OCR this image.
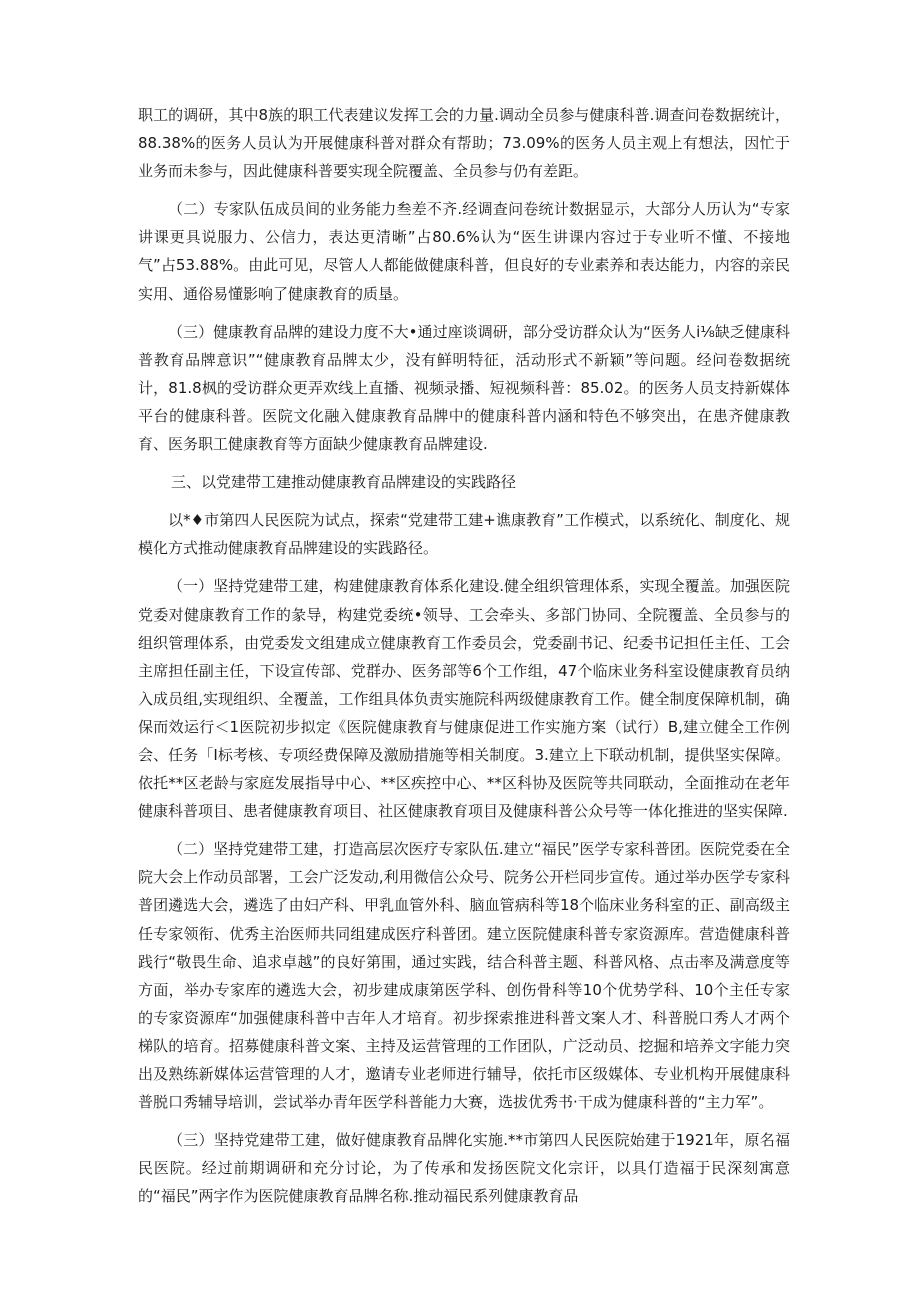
职工的调研，其中8族的职工代表建议发挥工会的力量.调动全员参与健康科普.调查问卷数据统计，88.38%的医务人员认为开展健康科普对群众有帮助；73.09%的医务人员主观上有想法，因忙于业务而未参与，因此健康科普要实现全院覆盖、全员参与仍有差距。

（二）专家队伍成员间的业务能力叁差不齐.经调查问卷统计数据显示，大部分人历认为“专家讲课更具说服力、公信力，表达更清晰”占80.6%认为“医生讲课内容过于专业听不懂、不接地气”占53.88%。由此可见，尽管人人都能做健康科普，但良好的专业素养和表达能力，内容的亲民实用、通俗易懂影响了健康教育的质垦。

（三）健康教育品牌的建设力度不大•通过座谈调研，部分受访群众认为“医务人i⅛缺乏健康科普教育品牌意识”“健康教育品牌太少，没有鲜明特征，活动形式不新颖”等问题。经问卷数据统计，81.8枫的受访群众更弄欢线上直播、视频录播、短视频科普：85.02。的医务人员支持新媒体平台的健康科普。医院文化融入健康教育品牌中的健康科普内涵和特色不够突出，在患齐健康教育、医务职工健康教育等方面缺少健康教育品牌建设.

三、以党建带工建推动健康教育品牌建设的实践路径

以*♦市第四人民医院为试点，探索“党建带工建+谯康教育”工作模式，以系统化、制度化、规模化方式推动健康教育品牌建设的实践路径。

（一）坚持党建带工建，构建健康教育体系化建设.健全组织管理体系，实现全覆盖。加强医院党委对健康教育工作的彖导，构建党委统•领导、工会牵头、多部门协同、全院覆盖、全员参与的组织管理体系，由党委发文组建成立健康教育工作委员会，党委副书记、纪委书记担任主任、工会主席担任副主任，下设宣传部、党群办、医务部等6个工作组，47个临床业务科室设健康教育员纳入成员组,实现组织、全覆盖，工作组具体负责实施院科两级健康教育工作。健全制度保障机制，确保而效运行＜1医院初步拟定《医院健康教育与健康促进工作实施方案（试行）B,建立健全工作例会、任务「I标考核、专项经费保障及激励措施等相关制度。3.建立上下联动机制，提供坚实保障。依托**区老龄与家庭发展指导中心、**区疾控中心、**区科协及医院等共同联动，全面推动在老年健康科普项目、患者健康教育项目、社区健康教育项目及健康科普公众号等一体化推进的坚实保障.

（二）坚持党建带工建，打造高层次医疗专家队伍.建立“福民”医学专家科普团。医院党委在全院大会上作动员部署，工会广泛发动,利用微信公众号、院务公开栏同步宣传。通过举办医学专家科普团遴选大会，遴选了由妇产科、甲乳血管外科、脑血管病科等18个临床业务科室的正、副高级主任专家领衔、优秀主治医师共同组建成医疗科普团。建立医院健康科普专家资源库。营造健康科普践行“敬畏生命、追求卓越”的良好第围，通过实践，结合科普主题、科普风格、点击率及满意度等方面，举办专家库的遴选大会，初步建成康第医学科、创伤骨科等10个优势学科、10个主任专家的专家资源库“加强健康科普中吉年人才培育。初步探索推进科普文案人才、科普脱口秀人才两个梯队的培育。招募健康科普文案、主持及运营管理的工作团队，广泛动员、挖掘和培养文字能力突出及熟练新媒体运营管理的人才，邀请专业老师进行辅导，依托市区级媒体、专业机构开展健康科普脱口秀辅导培训，尝试举办青年医学科普能力大赛，选拔优秀书·干成为健康科普的“主力军”。

（三）坚持党建带工建，做好健康教育品牌化实施.**市第四人民医院始建于1921年，原名福民医院。经过前期调研和充分讨论，为了传承和发扬医院文化宗讦，以具仃造福于民深刻寓意的“福民”两字作为医院健康教育品牌名称.推动福民系列健康教育品
